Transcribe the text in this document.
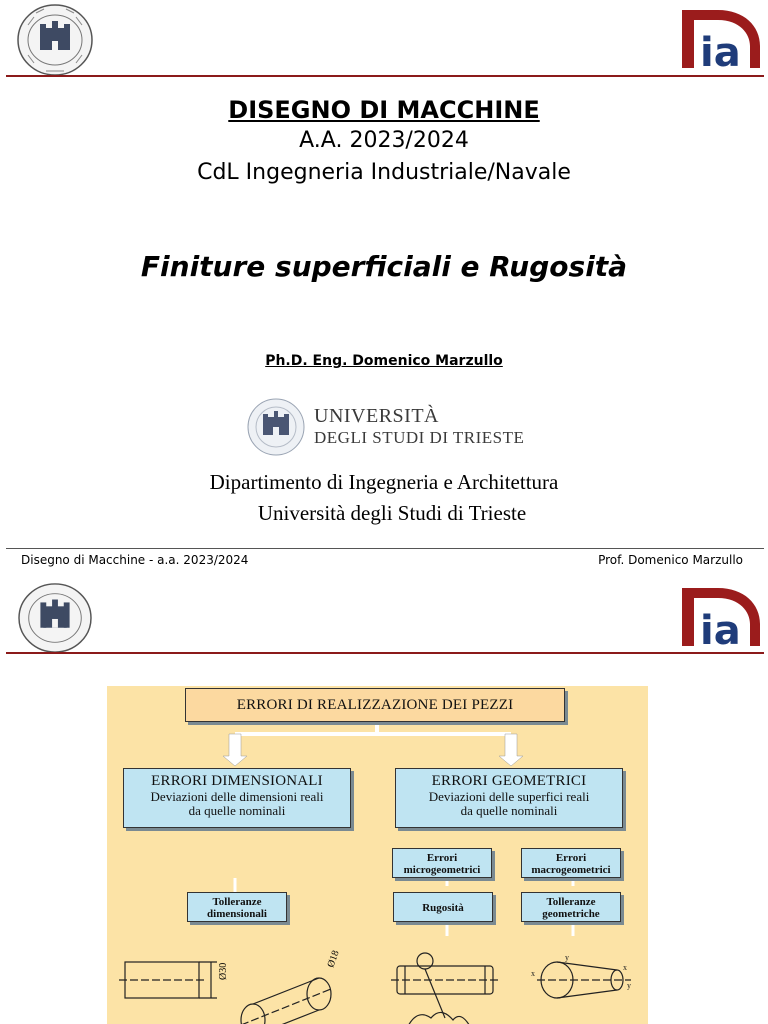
ia
DISEGNO DI MACCHINE
A.A. 2023/2024
CdL Ingegneria Industriale/Navale
Finiture superficiali e Rugosità
Ph.D. Eng. Domenico Marzullo
UNIVERSITÀ
DEGLI STUDI DI TRIESTE
Dipartimento di Ingegneria e Architettura
Università degli Studi di Trieste
Disegno di Macchine - a.a. 2023/2024	Prof. Domenico Marzullo
ia
ERRORI DI REALIZZAZIONE DEI PEZZI
ERRORI DIMENSIONALI
Deviazioni delle dimensioni reali
da quelle nominali
ERRORI GEOMETRICI
Deviazioni delle superfici reali
da quelle nominali
Errori
microgeometrici
Errori
macrogeometrici
Tolleranze
dimensionali	Rugosità	Tolleranze
geometriche
Ø30
Ø18
x
y
x
y
